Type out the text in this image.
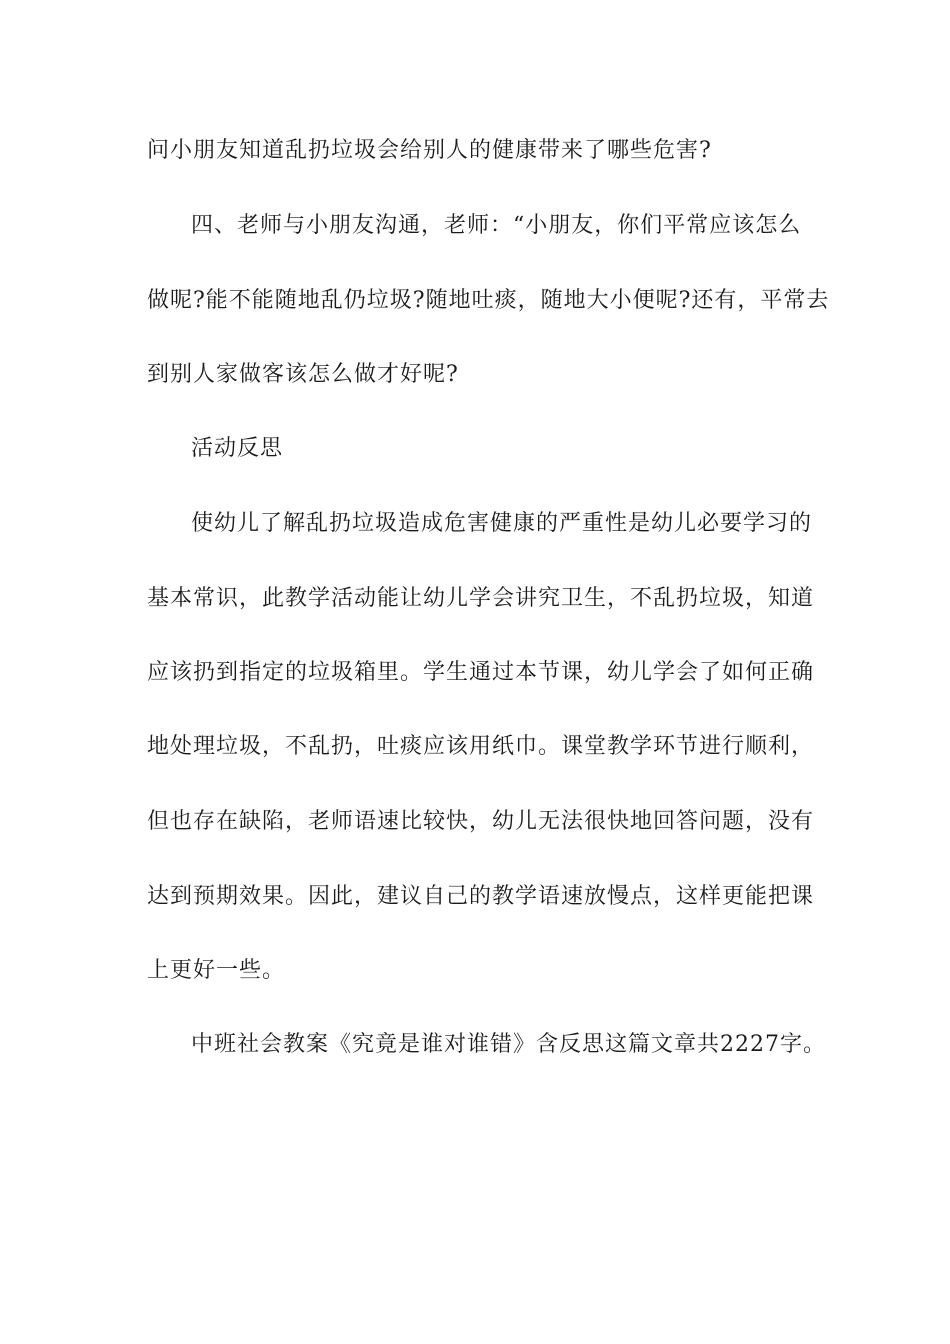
问小朋友知道乱扔垃圾会给别人的健康带来了哪些危害?
四、老师与小朋友沟通，老师：“小朋友，你们平常应该怎么
做呢?能不能随地乱仍垃圾?随地吐痰，随地大小便呢?还有，平常去
到别人家做客该怎么做才好呢?
活动反思
使幼儿了解乱扔垃圾造成危害健康的严重性是幼儿必要学习的
基本常识，此教学活动能让幼儿学会讲究卫生，不乱扔垃圾，知道
应该扔到指定的垃圾箱里。学生通过本节课，幼儿学会了如何正确
地处理垃圾，不乱扔，吐痰应该用纸巾。课堂教学环节进行顺利，
但也存在缺陷，老师语速比较快，幼儿无法很快地回答问题，没有
达到预期效果。因此，建议自己的教学语速放慢点，这样更能把课
上更好一些。
中班社会教案《究竟是谁对谁错》含反思这篇文章共2227字。
